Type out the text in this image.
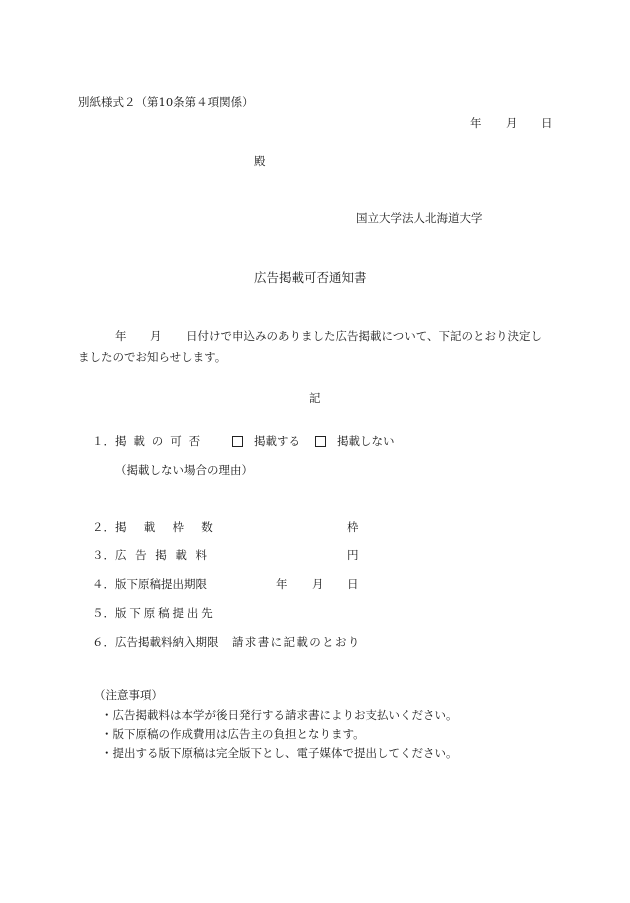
別紙様式２（第10条第４項関係）
年 月 日
殿
国立大学法人北海道大学
広告掲載可否通知書
年 月 日付けで申込みのありました広告掲載について、下記のとおり決定し
ましたのでお知らせします。
記
１． 掲載の可否	掲載する	掲載しない
（掲載しない場合の理由）
２． 掲載枠数	枠
３． 広告掲載料	円
４． 版下原稿提出期限	年 月 日
５． 版下原稿提出先
６． 広告掲載料納入期限 請求書に記載のとおり
（注意事項）
・広告掲載料は本学が後日発行する請求書によりお支払いください。
・版下原稿の作成費用は広告主の負担となります。
・提出する版下原稿は完全版下とし、電子媒体で提出してください。
